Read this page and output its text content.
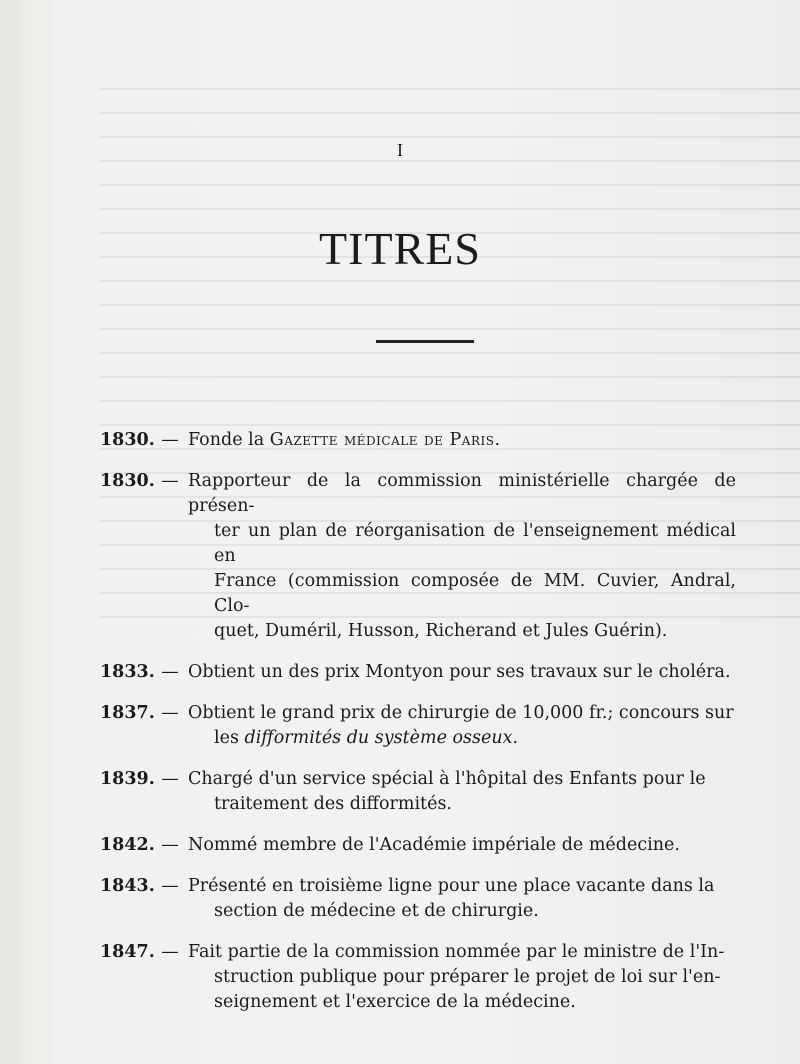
I
TITRES
1830. — Fonde la Gazette médicale de Paris.
1830. — Rapporteur de la commission ministérielle chargée de présen-
ter un plan de réorganisation de l'enseignement médical en
France (commission composée de MM. Cuvier, Andral, Clo-
quet, Duméril, Husson, Richerand et Jules Guérin).
1833. — Obtient un des prix Montyon pour ses travaux sur le choléra.
1837. — Obtient le grand prix de chirurgie de 10,000 fr.; concours sur
les difformités du système osseux.
1839. — Chargé d'un service spécial à l'hôpital des Enfants pour le
traitement des difformités.
1842. — Nommé membre de l'Académie impériale de médecine.
1843. — Présenté en troisième ligne pour une place vacante dans la
section de médecine et de chirurgie.
1847. — Fait partie de la commission nommée par le ministre de l'In-
struction publique pour préparer le projet de loi sur l'en-
seignement et l'exercice de la médecine.
